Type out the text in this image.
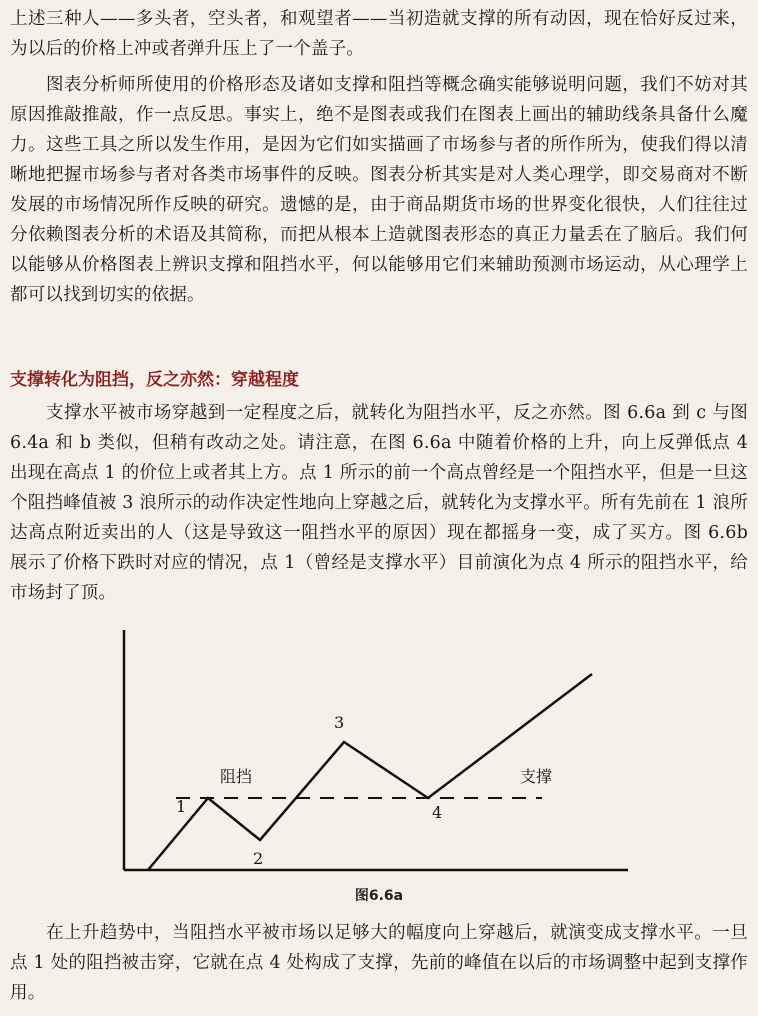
上述三种人——多头者，空头者，和观望者——当初造就支撑的所有动因，现在恰好反过来，为以后的价格上冲或者弹升压上了一个盖子。

图表分析师所使用的价格形态及诸如支撑和阻挡等概念确实能够说明问题，我们不妨对其原因推敲推敲，作一点反思。事实上，绝不是图表或我们在图表上画出的辅助线条具备什么魔力。这些工具之所以发生作用，是因为它们如实描画了市场参与者的所作所为，使我们得以清晰地把握市场参与者对各类市场事件的反映。图表分析其实是对人类心理学，即交易商对不断发展的市场情况所作反映的研究。遗憾的是，由于商品期货市场的世界变化很快，人们往往过分依赖图表分析的术语及其简称，而把从根本上造就图表形态的真正力量丢在了脑后。我们何以能够从价格图表上辨识支撑和阻挡水平，何以能够用它们来辅助预测市场运动，从心理学上都可以找到切实的依据。

支撑转化为阻挡，反之亦然：穿越程度

支撑水平被市场穿越到一定程度之后，就转化为阻挡水平，反之亦然。图 6.6a 到 c 与图 6.4a 和 b 类似，但稍有改动之处。请注意，在图 6.6a 中随着价格的上升，向上反弹低点 4 出现在高点 1 的价位上或者其上方。点 1 所示的前一个高点曾经是一个阻挡水平，但是一旦这个阻挡峰值被 3 浪所示的动作决定性地向上穿越之后，就转化为支撑水平。所有先前在 1 浪所达高点附近卖出的人（这是导致这一阻挡水平的原因）现在都摇身一变，成了买方。图 6.6b 展示了价格下跌时对应的情况，点 1（曾经是支撑水平）目前演化为点 4 所示的阻挡水平，给市场封了顶。

阻挡	支撑
1
2
3
4
图6.6a

在上升趋势中，当阻挡水平被市场以足够大的幅度向上穿越后，就演变成支撑水平。一旦点 1 处的阻挡被击穿，它就在点 4 处构成了支撑，先前的峰值在以后的市场调整中起到支撑作用。
